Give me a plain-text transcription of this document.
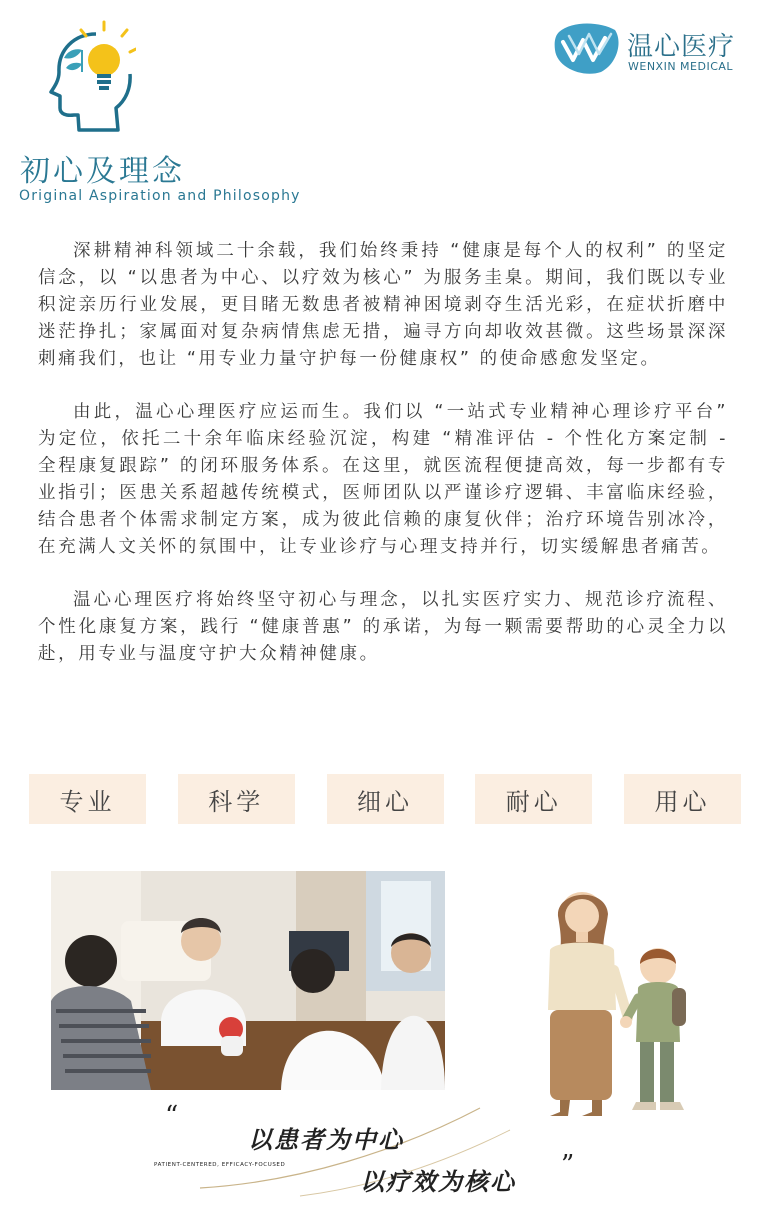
温心医疗
WENXIN MEDICAL
初心及理念
Original Aspiration and Philosophy

深耕精神科领域二十余载，我们始终秉持 “健康是每个人的权利” 的坚定信念，以 “以患者为中心、以疗效为核心” 为服务圭臬。期间，我们既以专业积淀亲历行业发展，更目睹无数患者被精神困境剥夺生活光彩，在症状折磨中迷茫挣扎；家属面对复杂病情焦虑无措，遍寻方向却收效甚微。这些场景深深刺痛我们，也让 “用专业力量守护每一份健康权” 的使命感愈发坚定。

由此，温心心理医疗应运而生。我们以 “一站式专业精神心理诊疗平台” 为定位，依托二十余年临床经验沉淀，构建 “精准评估 - 个性化方案定制 - 全程康复跟踪” 的闭环服务体系。在这里，就医流程便捷高效，每一步都有专业指引；医患关系超越传统模式，医师团队以严谨诊疗逻辑、丰富临床经验，结合患者个体需求制定方案，成为彼此信赖的康复伙伴；治疗环境告别冰冷，在充满人文关怀的氛围中，让专业诊疗与心理支持并行，切实缓解患者痛苦。

温心心理医疗将始终坚守初心与理念，以扎实医疗实力、规范诊疗流程、个性化康复方案，践行 “健康普惠” 的承诺，为每一颗需要帮助的心灵全力以赴，用专业与温度守护大众精神健康。

专业	科学	细心	耐心	用心
“
以患者为中心
PATIENT-CENTERED, EFFICACY-FOCUSED
以疗效为核心
”
